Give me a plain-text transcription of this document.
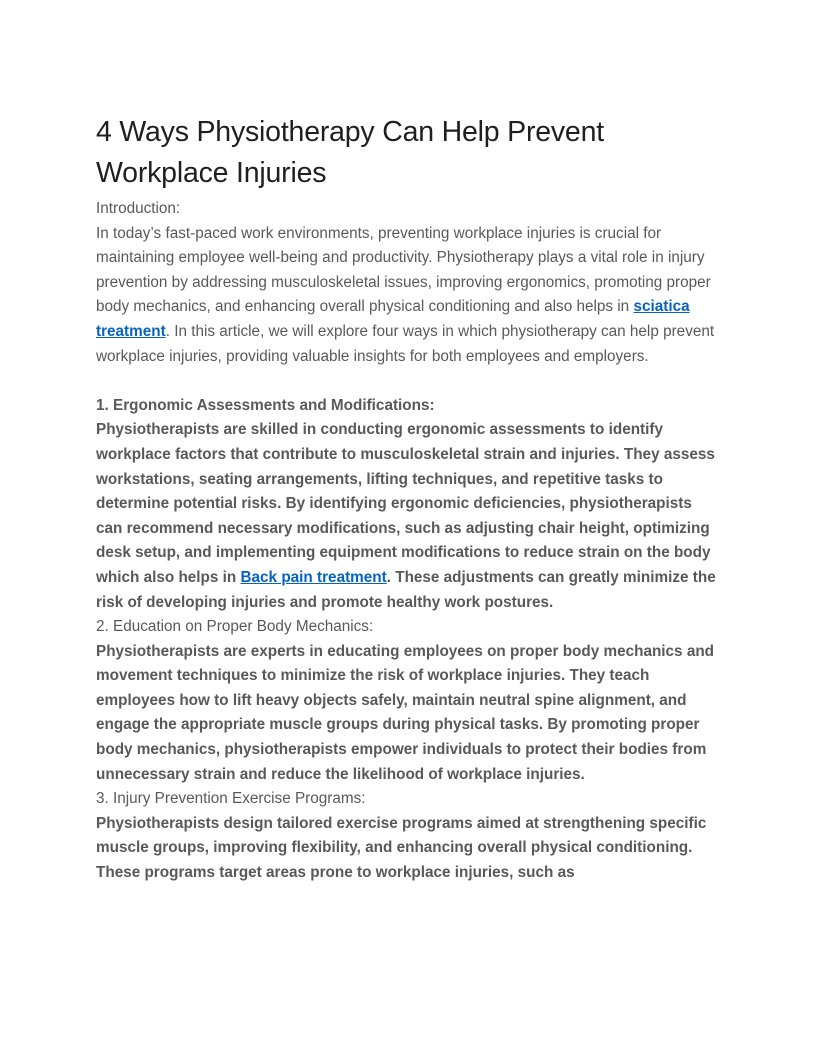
4 Ways Physiotherapy Can Help Prevent Workplace Injuries

Introduction:

In today’s fast-paced work environments, preventing workplace injuries is crucial for maintaining employee well-being and productivity. Physiotherapy plays a vital role in injury prevention by addressing musculoskeletal issues, improving ergonomics, promoting proper body mechanics, and enhancing overall physical conditioning and also helps in sciatica treatment. In this article, we will explore four ways in which physiotherapy can help prevent workplace injuries, providing valuable insights for both employees and employers.

1. Ergonomic Assessments and Modifications:

Physiotherapists are skilled in conducting ergonomic assessments to identify workplace factors that contribute to musculoskeletal strain and injuries. They assess workstations, seating arrangements, lifting techniques, and repetitive tasks to determine potential risks. By identifying ergonomic deficiencies, physiotherapists can recommend necessary modifications, such as adjusting chair height, optimizing desk setup, and implementing equipment modifications to reduce strain on the body which also helps in Back pain treatment. These adjustments can greatly minimize the risk of developing injuries and promote healthy work postures.

2. Education on Proper Body Mechanics:

Physiotherapists are experts in educating employees on proper body mechanics and movement techniques to minimize the risk of workplace injuries. They teach employees how to lift heavy objects safely, maintain neutral spine alignment, and engage the appropriate muscle groups during physical tasks. By promoting proper body mechanics, physiotherapists empower individuals to protect their bodies from unnecessary strain and reduce the likelihood of workplace injuries.

3. Injury Prevention Exercise Programs:

Physiotherapists design tailored exercise programs aimed at strengthening specific muscle groups, improving flexibility, and enhancing overall physical conditioning. These programs target areas prone to workplace injuries, such as
